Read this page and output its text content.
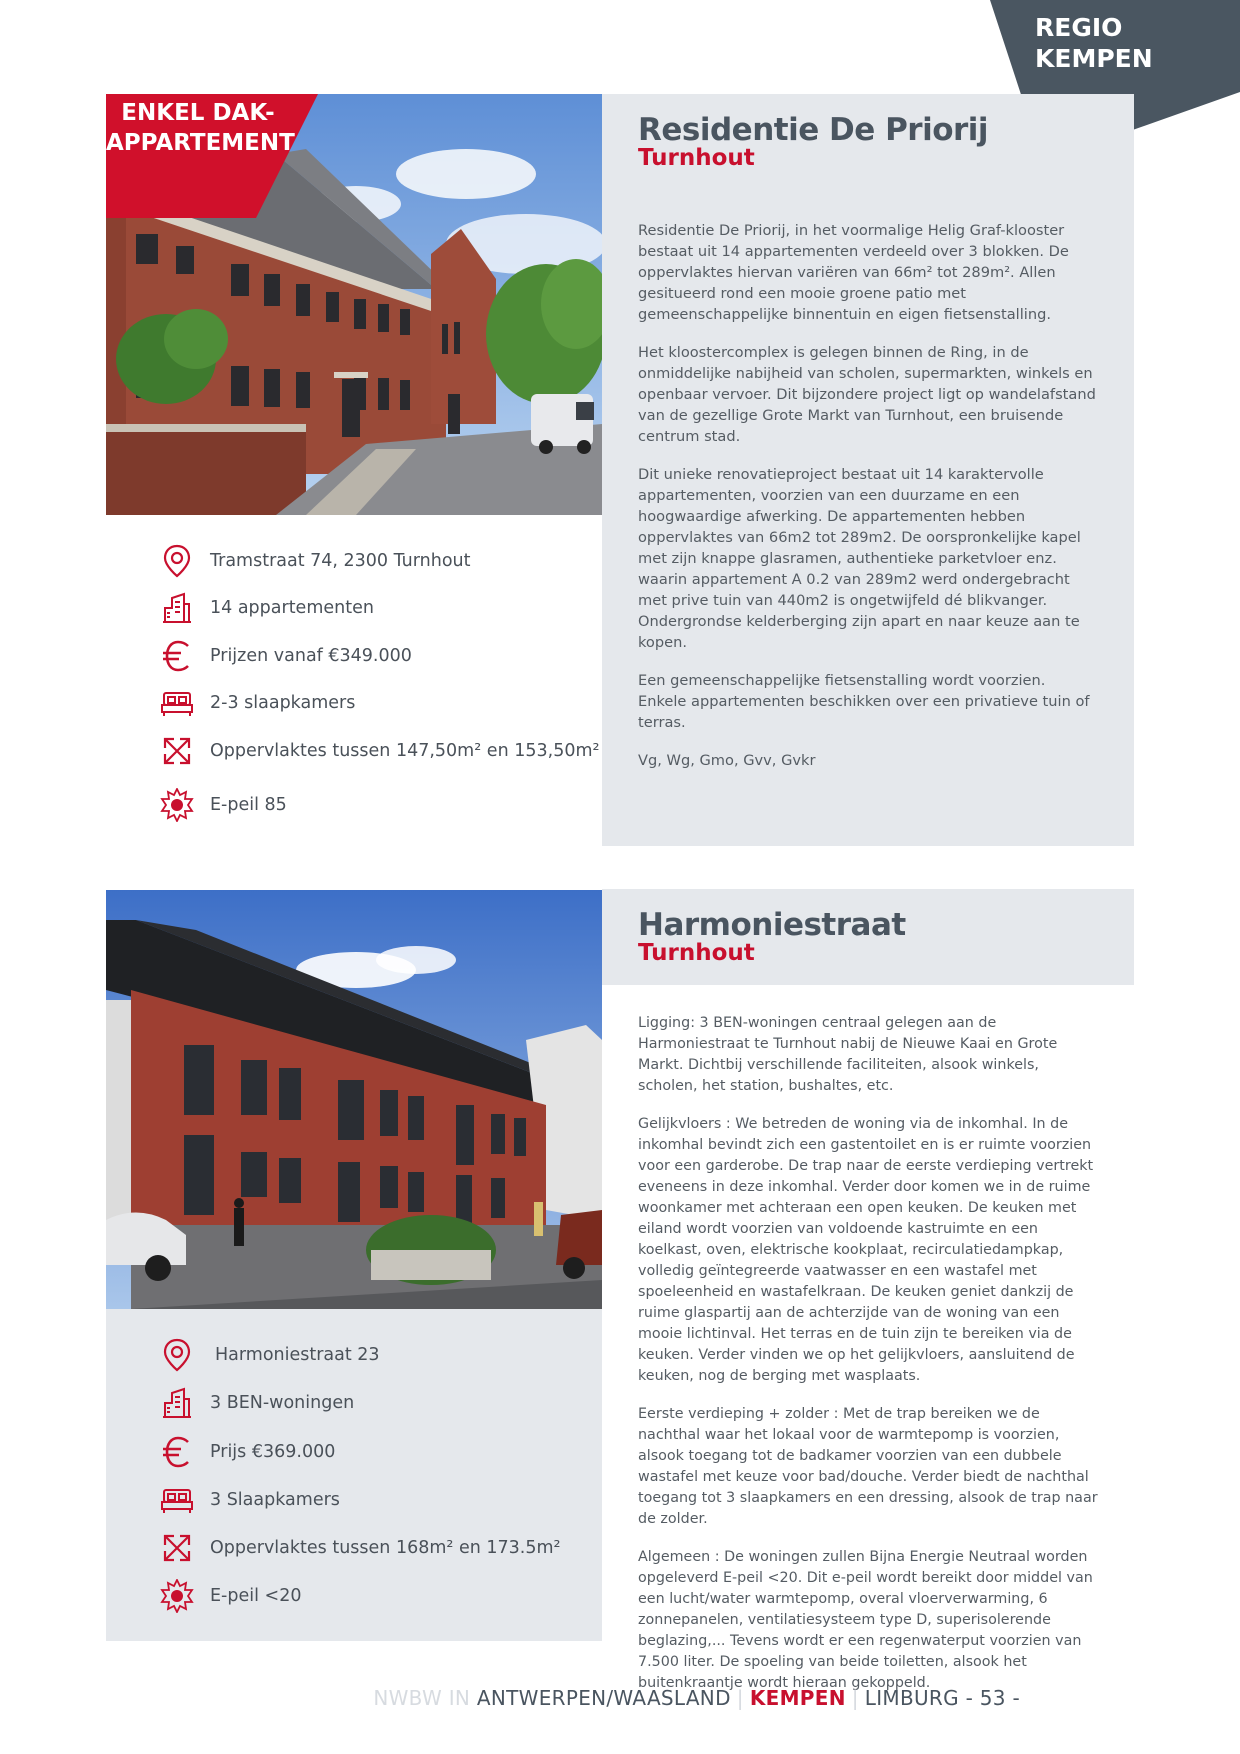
REGIO
KEMPEN
ENKEL DAK-
APPARTEMENT	Residentie De Priorij
Turnhout

Residentie De Priorij, in het voormalige Helig Graf-klooster bestaat uit 14 appartementen verdeeld over 3 blokken. De oppervlaktes hiervan variëren van 66m² tot 289m². Allen gesitueerd rond een mooie groene patio met gemeenschappelijke binnentuin en eigen fietsenstalling.

Het kloostercomplex is gelegen binnen de Ring, in de onmiddelijke nabijheid van scholen, supermarkten, winkels en openbaar vervoer. Dit bijzondere project ligt op wandelafstand van de gezellige Grote Markt van Turnhout, een bruisende centrum stad.

Dit unieke renovatieproject bestaat uit 14 karaktervolle appartementen, voorzien van een duurzame en een hoogwaardige afwerking. De appartementen hebben oppervlaktes van 66m2 tot 289m2. De oorspronkelijke kapel met zijn knappe glasramen, authentieke parketvloer enz. waarin appartement A 0.2 van 289m2 werd ondergebracht met prive tuin van 440m2 is ongetwijfeld dé blikvanger. Ondergrondse kelderberging zijn apart en naar keuze aan te kopen.

Een gemeenschappelijke fietsenstalling wordt voorzien. Enkele appartementen beschikken over een privatieve tuin of terras.

Vg, Wg, Gmo, Gvv, Gvkr

Tramstraat 74, 2300 Turnhout
14 appartementen
Prijzen vanaf €349.000
2-3 slaapkamers
Oppervlaktes tussen 147,50m² en 153,50m²
E-peil 85
Harmoniestraat
Turnhout

Ligging: 3 BEN-woningen centraal gelegen aan de Harmoniestraat te Turnhout nabij de Nieuwe Kaai en Grote Markt. Dichtbij verschillende faciliteiten, alsook winkels, scholen, het station, bushaltes, etc.

Gelijkvloers : We betreden de woning via de inkomhal. In de inkomhal bevindt zich een gastentoilet en is er ruimte voorzien voor een garderobe. De trap naar de eerste verdieping vertrekt eveneens in deze inkomhal. Verder door komen we in de ruime woonkamer met achteraan een open keuken. De keuken met eiland wordt voorzien van voldoende kastruimte en een koelkast, oven, elektrische kookplaat, recirculatiedampkap, volledig geïntegreerde vaatwasser en een wastafel met spoeleenheid en wastafelkraan. De keuken geniet dankzij de ruime glaspartij aan de achterzijde van de woning van een mooie lichtinval. Het terras en de tuin zijn te bereiken via de keuken. Verder vinden we op het gelijkvloers, aansluitend de keuken, nog de berging met wasplaats.

Eerste verdieping + zolder : Met de trap bereiken we de nachthal waar het lokaal voor de warmtepomp is voorzien, alsook toegang tot de badkamer voorzien van een dubbele wastafel met keuze voor bad/douche. Verder biedt de nachthal toegang tot 3 slaapkamers en een dressing, alsook de trap naar de zolder.

Algemeen : De woningen zullen Bijna Energie Neutraal worden opgeleverd E-peil <20. Dit e-peil wordt bereikt door middel van een lucht/water warmtepomp, overal vloerverwarming, 6 zonnepanelen, ventilatiesysteem type D, superisolerende beglazing,... Tevens wordt er een regenwaterput voorzien van 7.500 liter. De spoeling van beide toiletten, alsook het buitenkraantje wordt hieraan gekoppeld.

Harmoniestraat 23
3 BEN-woningen
Prijs €369.000
3 Slaapkamers
Oppervlaktes tussen 168m² en 173.5m²
E-peil <20
NWBW IN ANTWERPEN/WAASLAND | KEMPEN | LIMBURG - 53 -
